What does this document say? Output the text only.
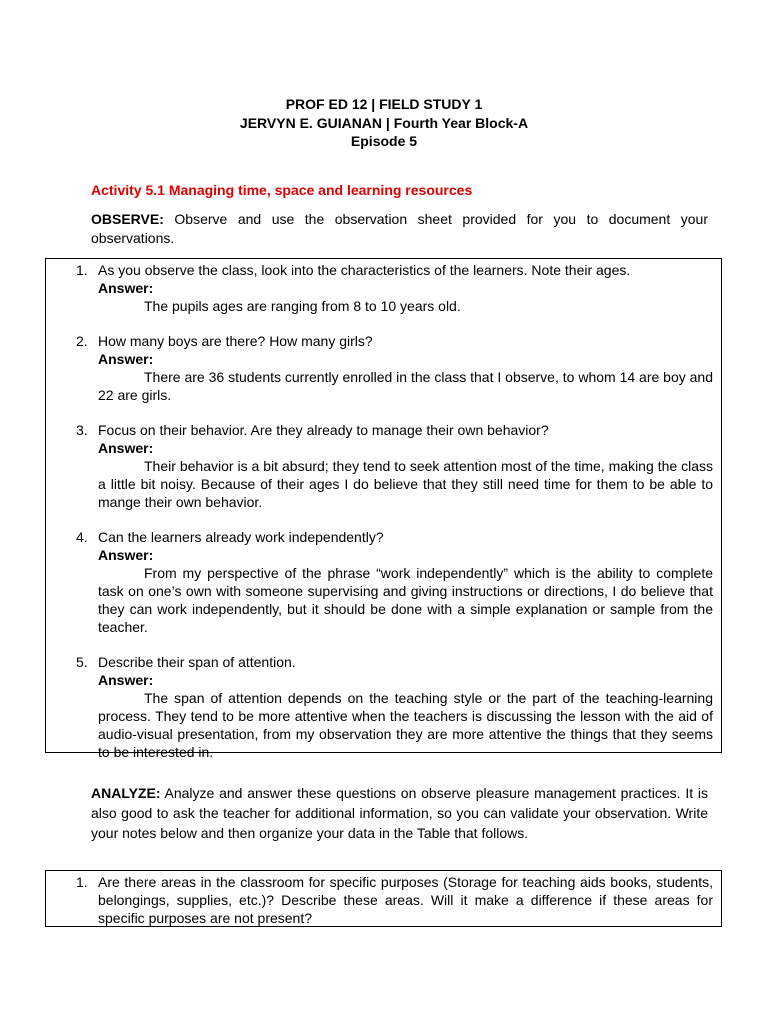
PROF ED 12 | FIELD STUDY 1
JERVYN E. GUIANAN | Fourth Year Block-A
Episode 5
Activity 5.1 Managing time, space and learning resources
OBSERVE: Observe and use the observation sheet provided for you to document your observations.
1. As you observe the class, look into the characteristics of the learners. Note their ages.
Answer:
The pupils ages are ranging from 8 to 10 years old.
2. How many boys are there? How many girls?
Answer:
There are 36 students currently enrolled in the class that I observe, to whom 14 are boy and 22 are girls.
3. Focus on their behavior. Are they already to manage their own behavior?
Answer:
Their behavior is a bit absurd; they tend to seek attention most of the time, making the class a little bit noisy. Because of their ages I do believe that they still need time for them to be able to mange their own behavior.
4. Can the learners already work independently?
Answer:
From my perspective of the phrase “work independently” which is the ability to complete task on one’s own with someone supervising and giving instructions or directions, I do believe that they can work independently, but it should be done with a simple explanation or sample from the teacher.
5. Describe their span of attention.
Answer:
The span of attention depends on the teaching style or the part of the teaching-learning process. They tend to be more attentive when the teachers is discussing the lesson with the aid of audio-visual presentation, from my observation they are more attentive the things that they seems to be interested in.
ANALYZE: Analyze and answer these questions on observe pleasure management practices. It is also good to ask the teacher for additional information, so you can validate your observation. Write your notes below and then organize your data in the Table that follows.
1. Are there areas in the classroom for specific purposes (Storage for teaching aids books, students, belongings, supplies, etc.)? Describe these areas. Will it make a difference if these areas for specific purposes are not present?
